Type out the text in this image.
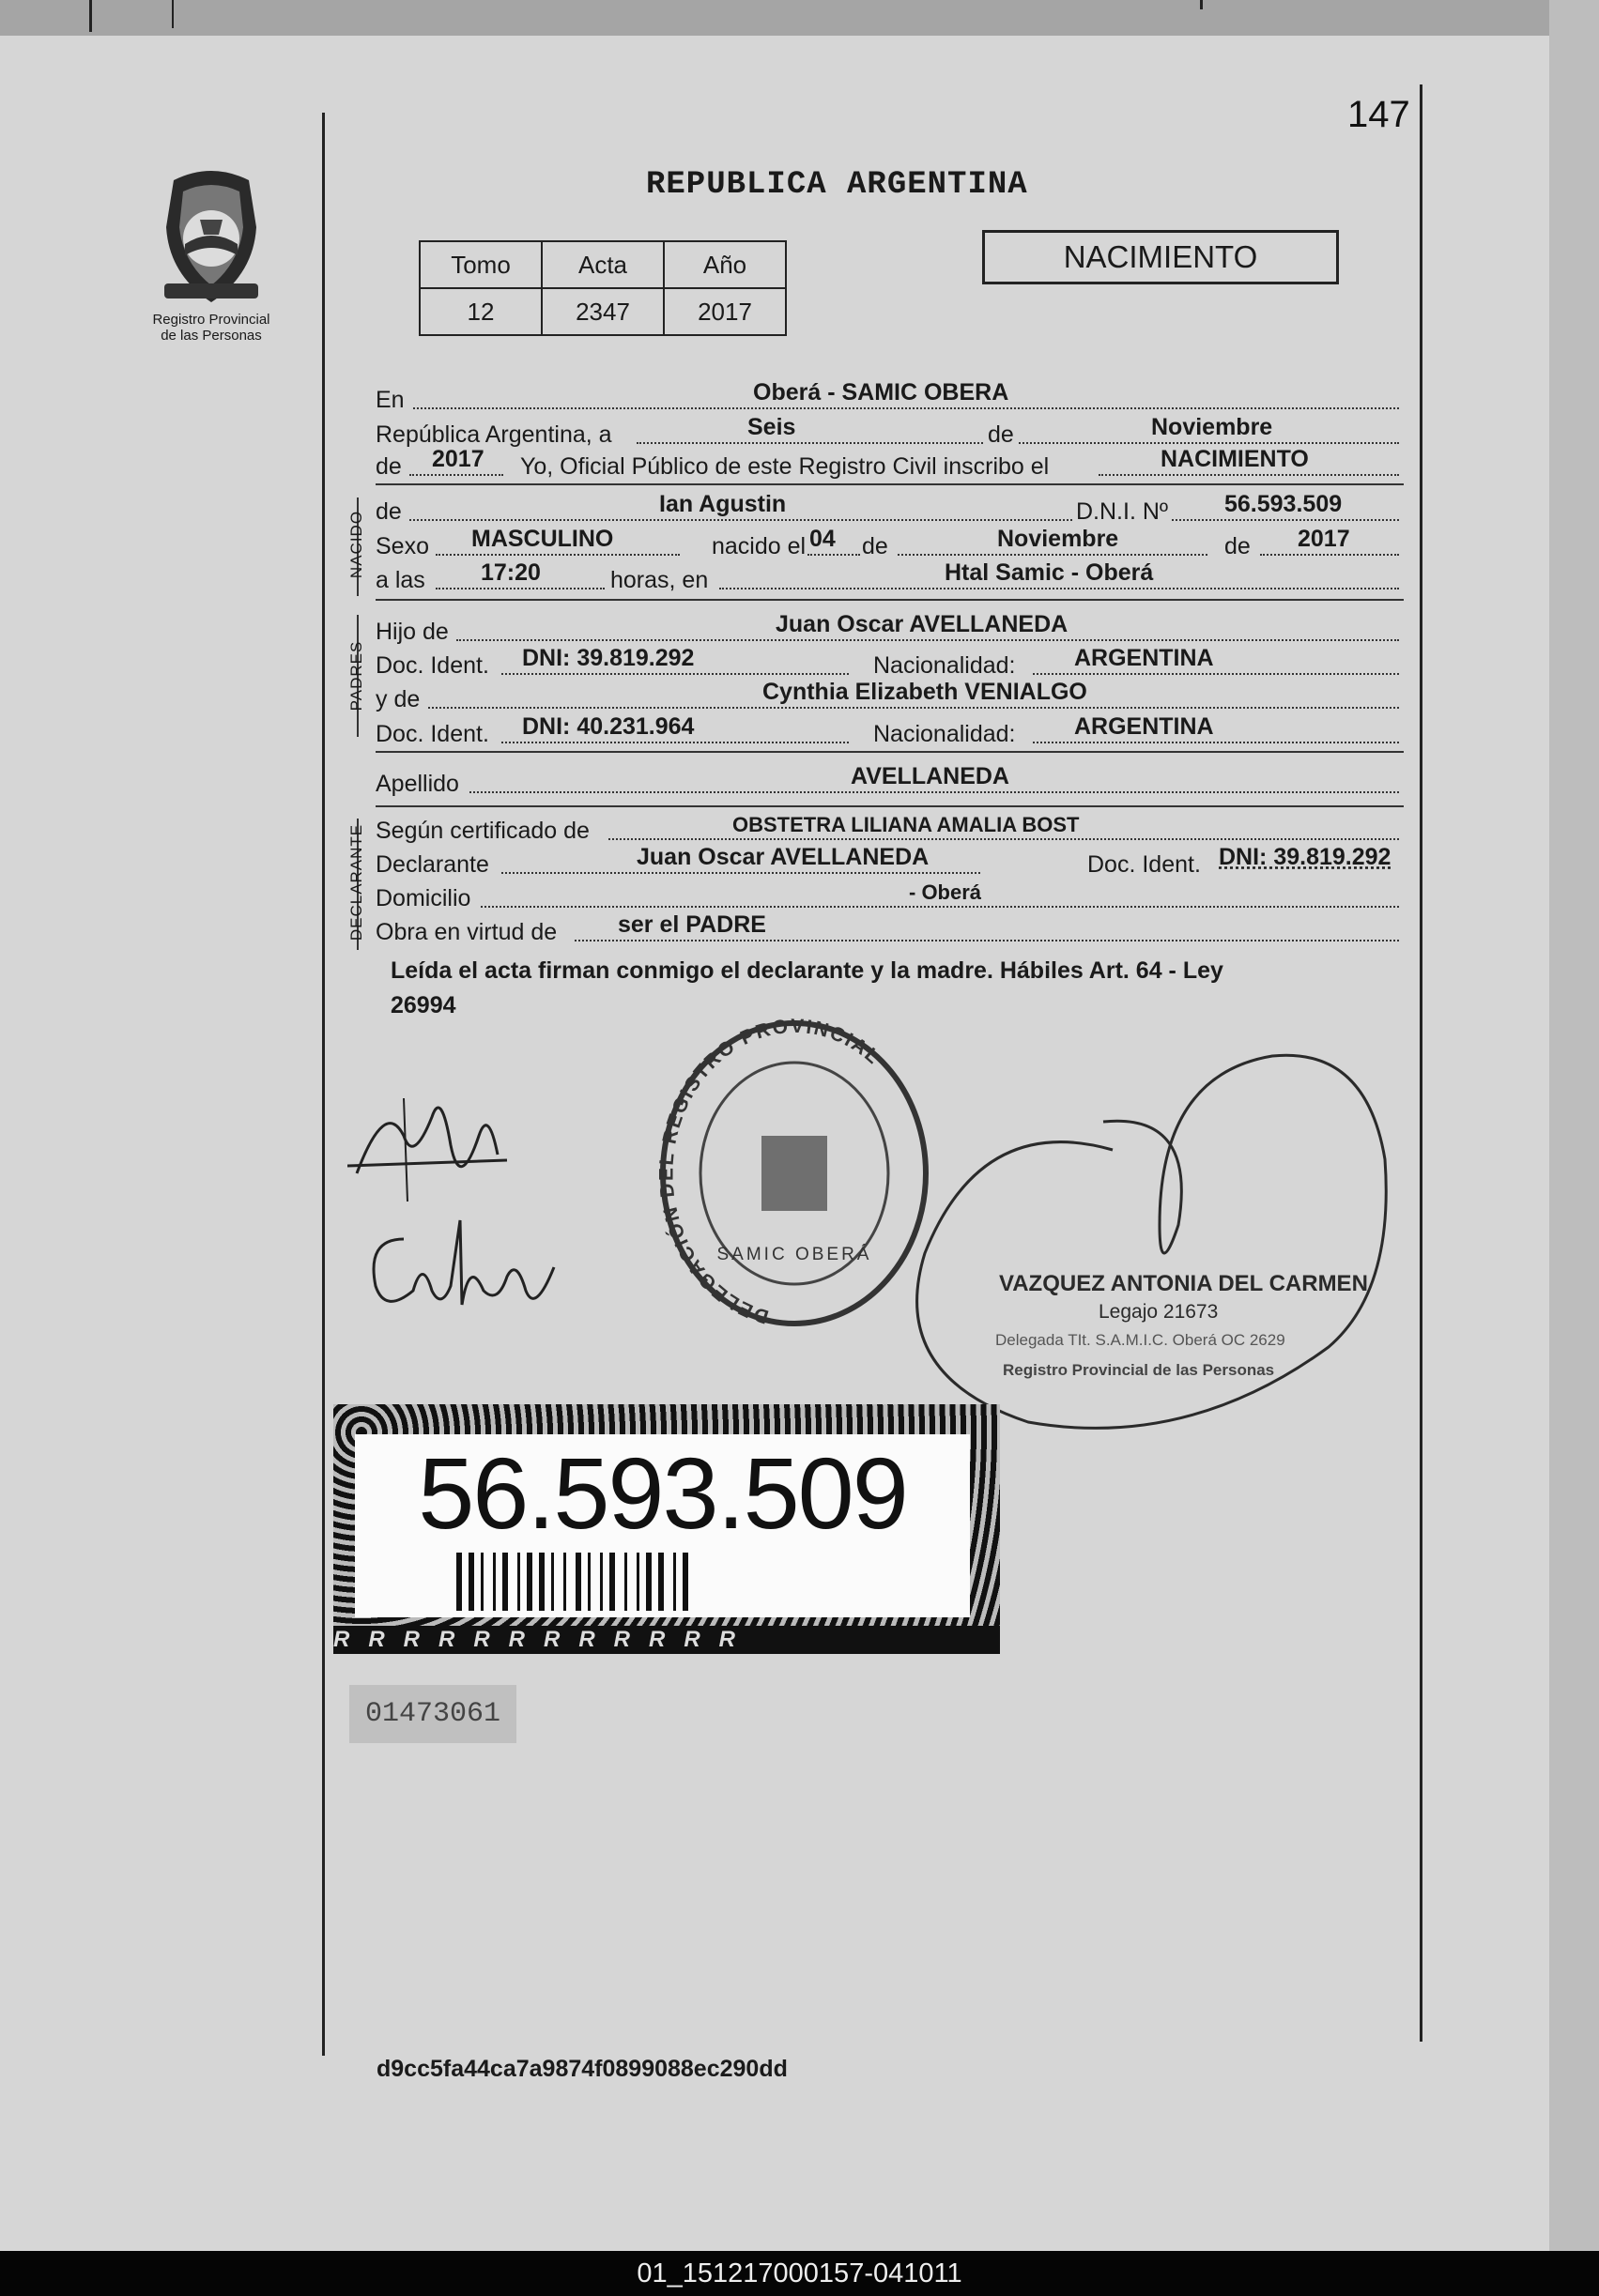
147
Registro Provincial
de las Personas
REPUBLICA ARGENTINA
Tomo	Acta	Año
12	2347	2017
NACIMIENTO
En	Oberá - SAMIC OBERA
República Argentina, a	Seis	de	Noviembre
de 2017 Yo, Oficial Público de este Registro Civil inscribo el	NACIMIENTO
NACIDO de	Ian Agustin	D.N.I. Nº 56.593.509
Sexo MASCULINO	nacido el 04 de	Noviembre	de 2017
a las 17:20	horas, en	Htal Samic - Oberá
PADRES
Hijo de	Juan Oscar AVELLANEDA
Doc. Ident. DNI: 39.819.292	Nacionalidad:	ARGENTINA
y de	Cynthia Elizabeth VENIALGO
Doc. Ident. DNI: 40.231.964	Nacionalidad:	ARGENTINA
Apellido	AVELLANEDA
DECLARANTE Según certificado de	OBSTETRA LILIANA AMALIA BOST
Declarante	Juan Oscar AVELLANEDA	Doc. Ident. DNI: 39.819.292
Domicilio	- Oberá
Obra en virtud de	ser el PADRE
Leída el acta firman conmigo el declarante y la madre. Hábiles Art. 64 - Ley
26994
DELEGACIÓN DEL REGISTRO PROVINCIAL
SAMIC OBERÁ
VAZQUEZ ANTONIA DEL CARMEN
Legajo 21673
Delegada TIt. S.A.M.I.C. Oberá OC 2629
Registro Provincial de las Personas
56.593.509
RRRRRRRRRRRR
01473061
d9cc5fa44ca7a9874f0899088ec290dd
01_151217000157-041011
